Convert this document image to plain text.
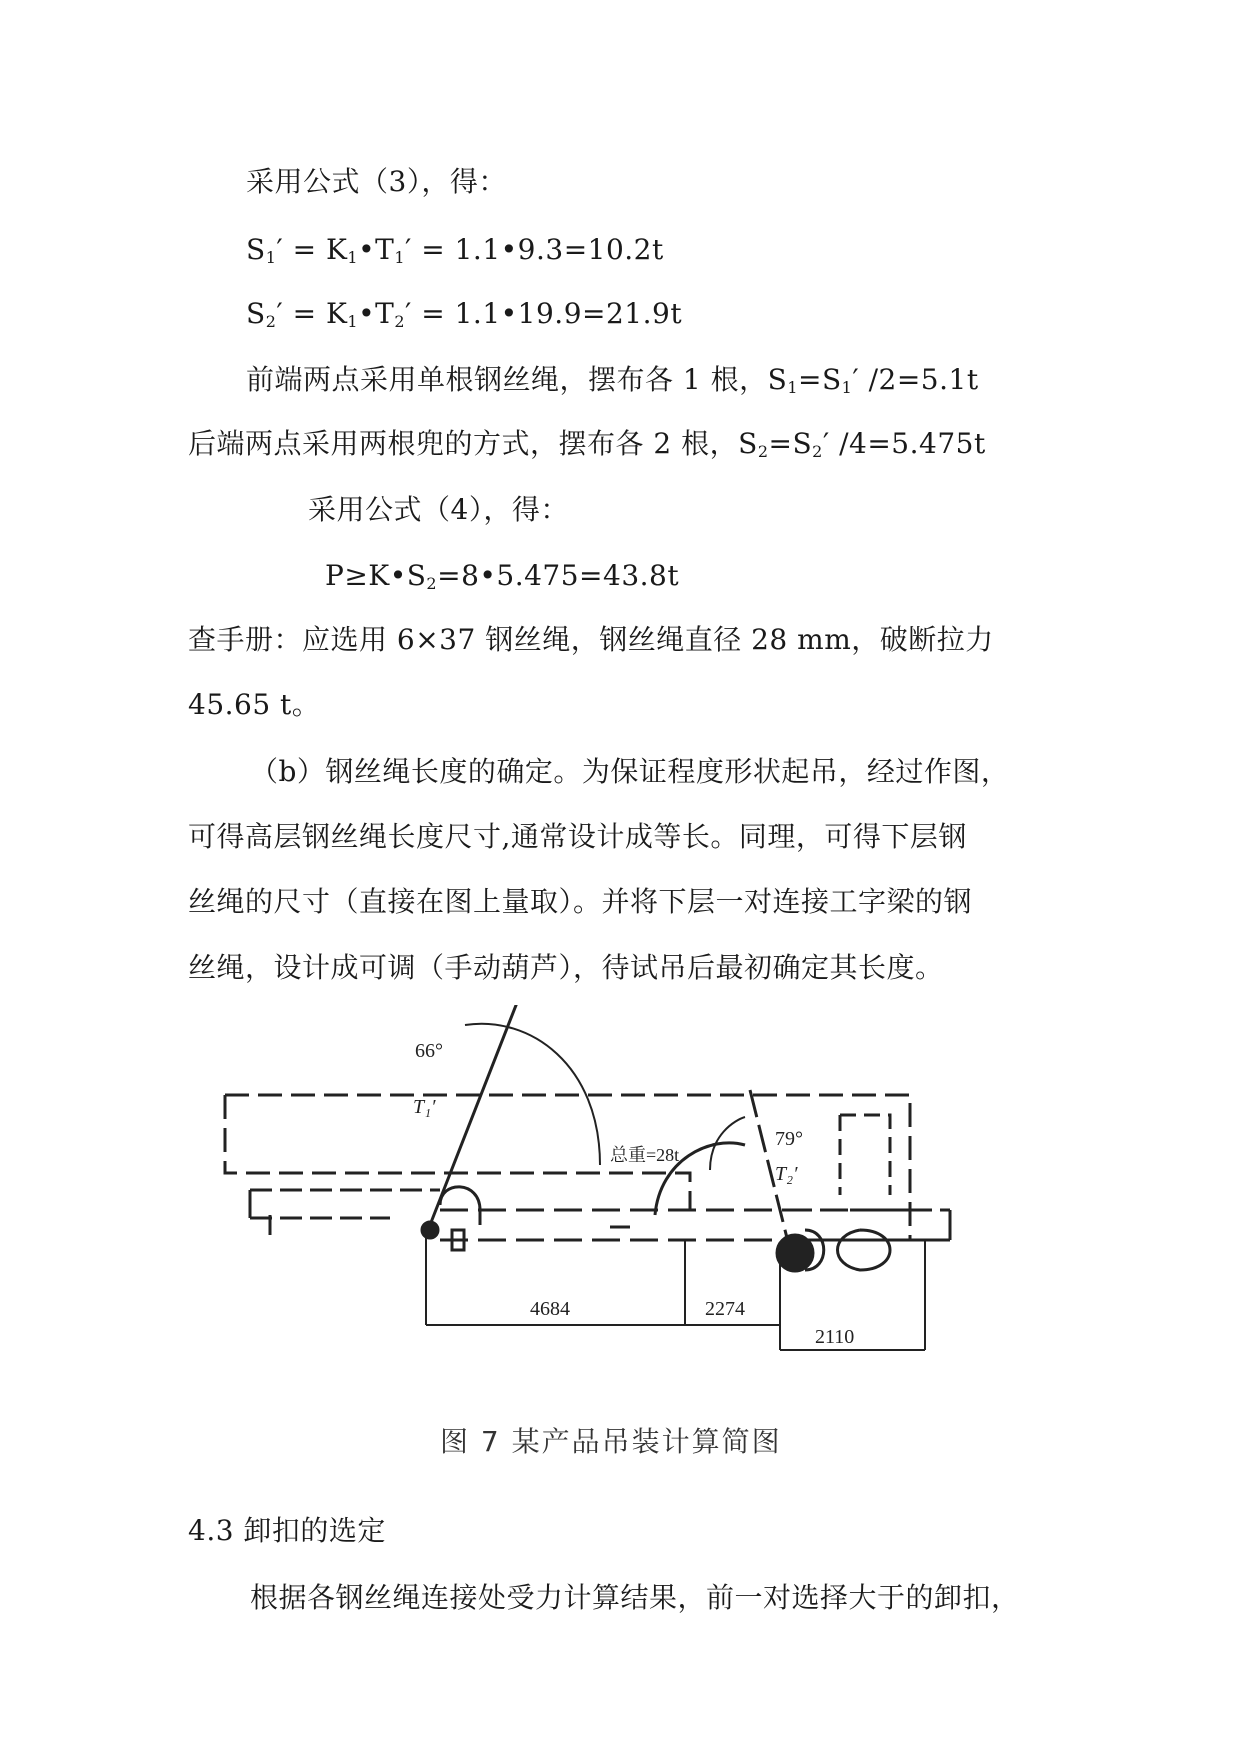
采用公式（3），得：
$S_1'$ = $K_1•T_1'$ = 1.1•9.3=10.2t
$S_2'$ = $K_1•T_2'$ = 1.1•19.9=21.9t
前端两点采用单根钢丝绳，摆布各 1 根，$S_1=S_1'$ /2=5.1t
后端两点采用两根兜的方式，摆布各 2 根，$S_2=S_2'$ /4=5.475t
采用公式（4），得：
$P\ge K•S_2=8•5.475=43.8t$
查手册：应选用 6×37 钢丝绳，钢丝绳直径 28 mm，破断拉力
45.65 t。
（b）钢丝绳长度的确定。为保证程度形状起吊，经过作图，
可得高层钢丝绳长度尺寸,通常设计成等长。同理，可得下层钢
丝绳的尺寸（直接在图上量取）。并将下层一对连接工字梁的钢
丝绳，设计成可调（手动葫芦），待试吊后最初确定其长度。
66°
T₁′
总重=28t
79°
T₂′
4684	2274
2110
图 7 某产品吊装计算简图
4.3 卸扣的选定
根据各钢丝绳连接处受力计算结果，前一对选择大于的卸扣，
